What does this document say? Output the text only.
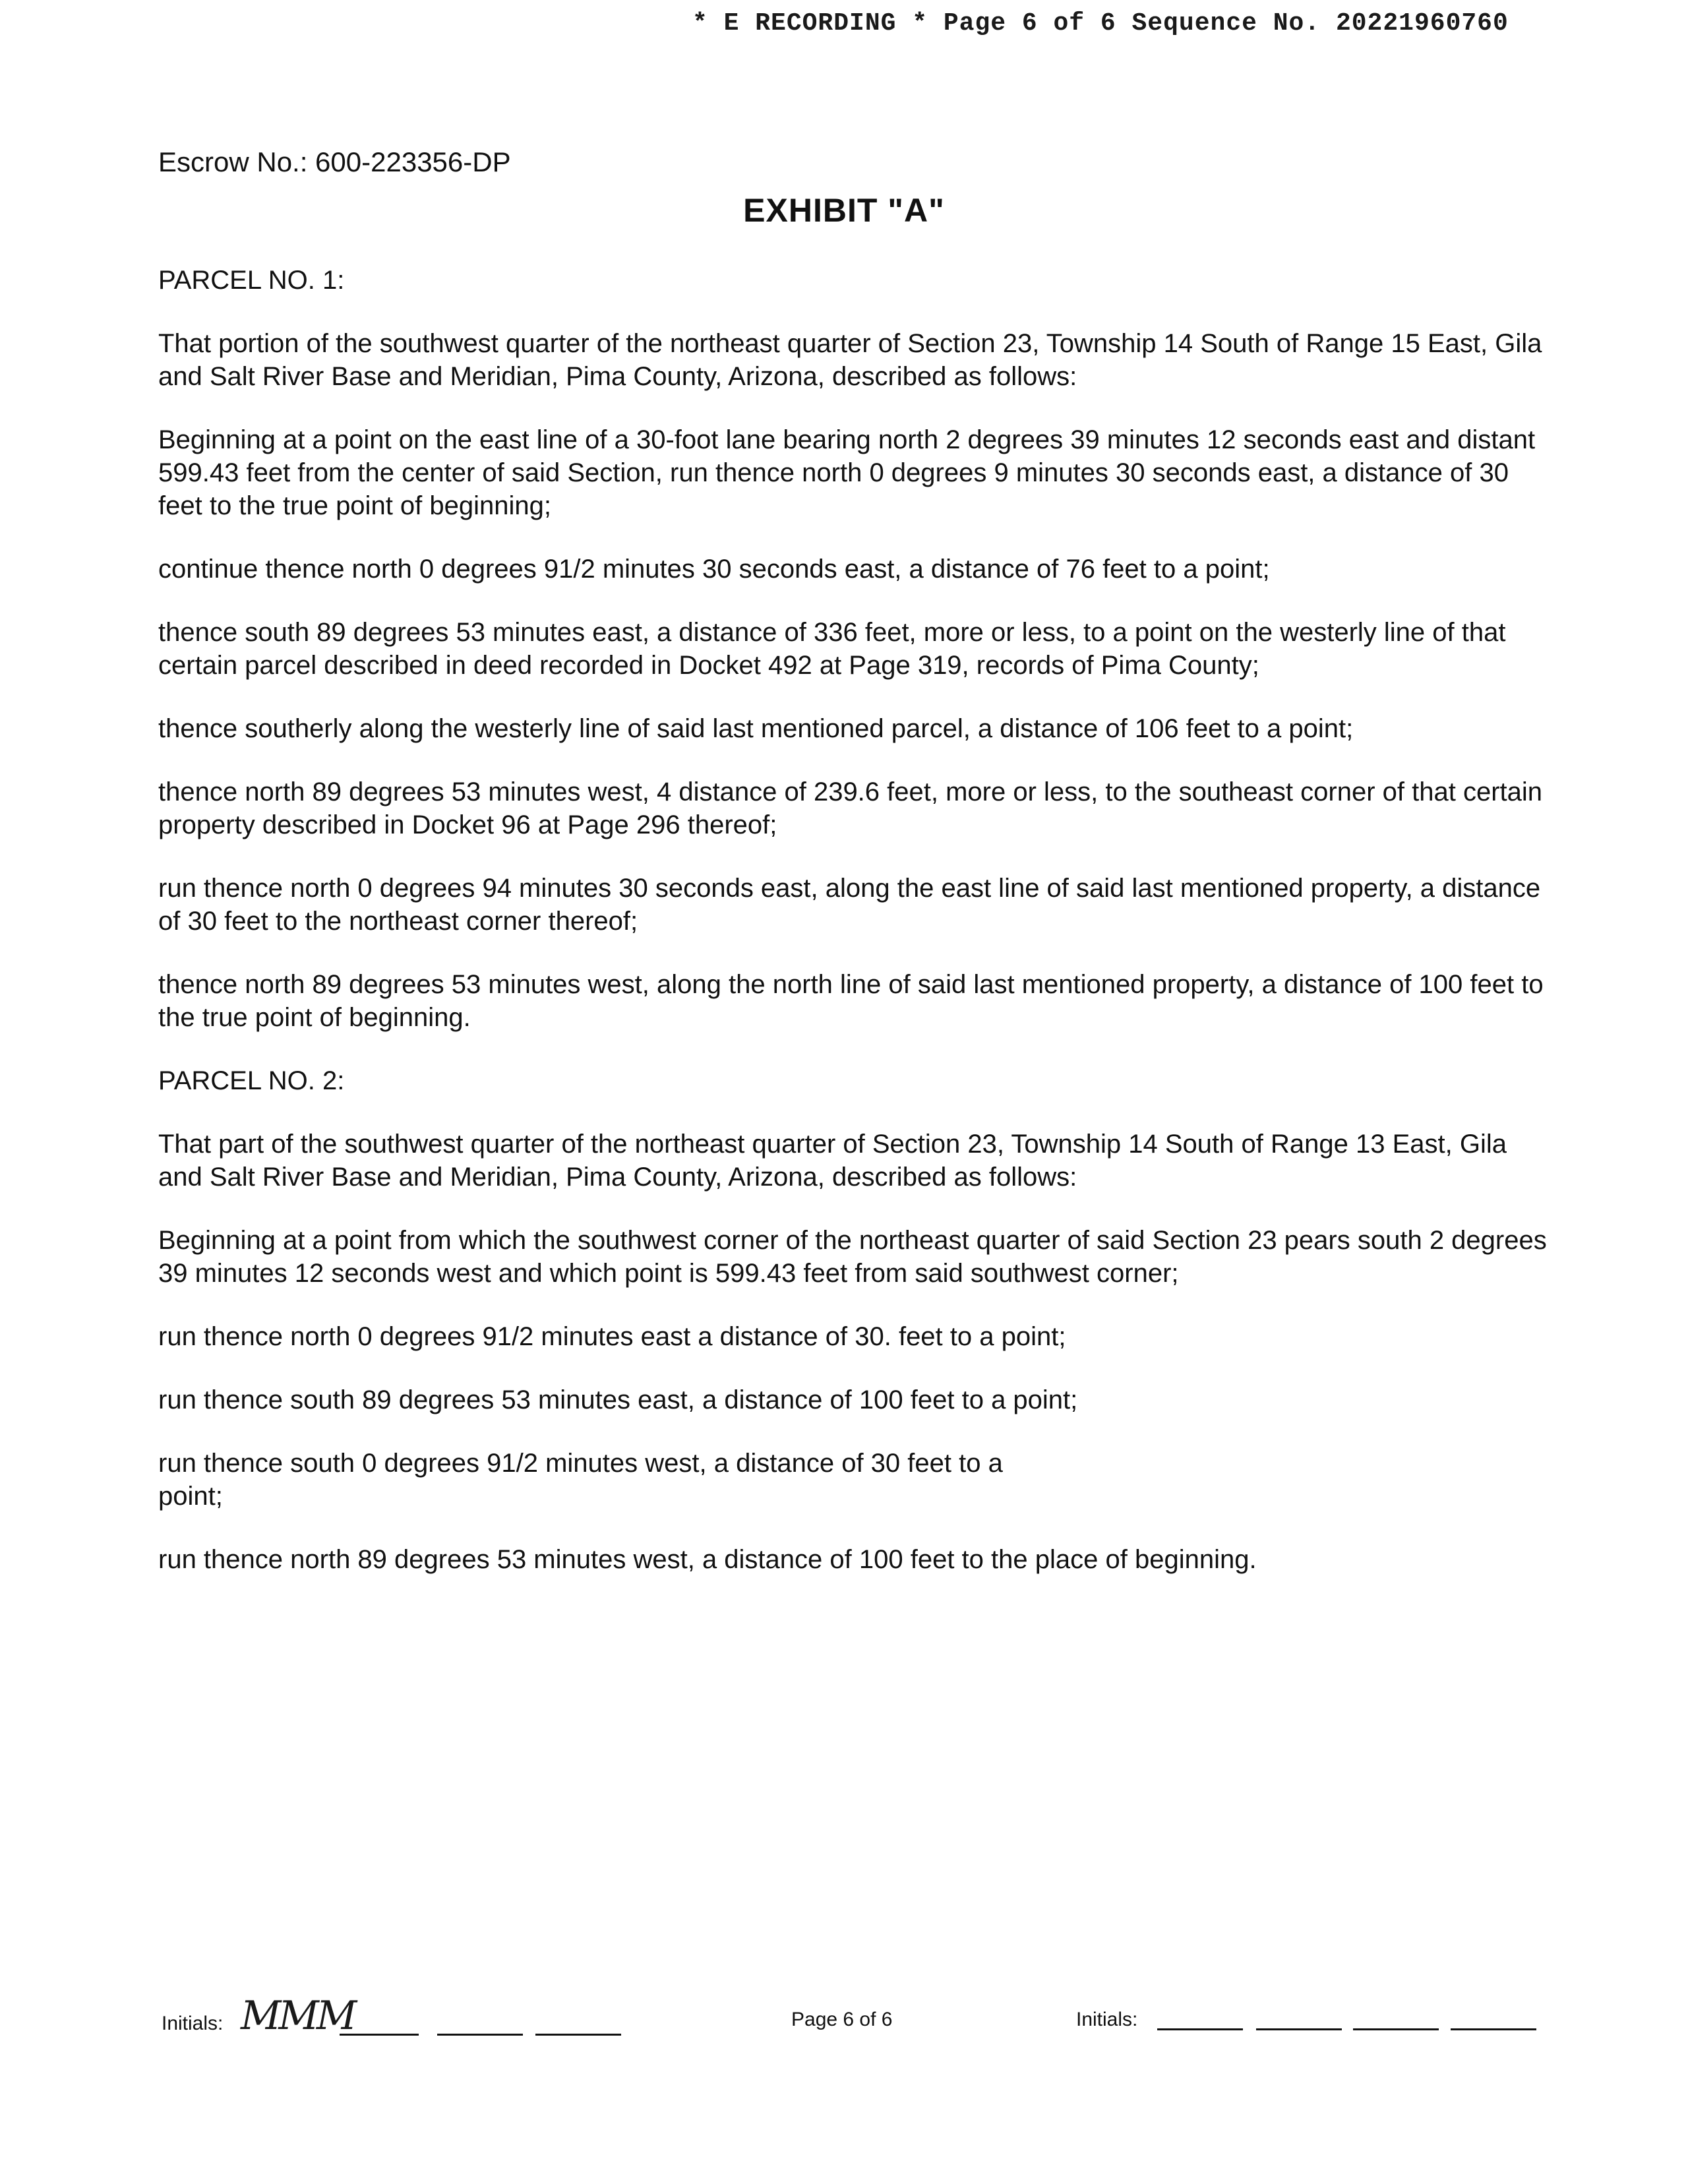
* E RECORDING * Page 6 of 6 Sequence No. 20221960760
Escrow No.: 600-223356-DP
EXHIBIT "A"

PARCEL NO. 1:

That portion of the southwest quarter of the northeast quarter of Section 23, Township 14 South of Range 15 East, Gila and Salt River Base and Meridian, Pima County, Arizona, described as follows:

Beginning at a point on the east line of a 30-foot lane bearing north 2 degrees 39 minutes 12 seconds east and distant 599.43 feet from the center of said Section, run thence north 0 degrees 9 minutes 30 seconds east, a distance of 30 feet to the true point of beginning;

continue thence north 0 degrees 91/2 minutes 30 seconds east, a distance of 76 feet to a point;

thence south 89 degrees 53 minutes east, a distance of 336 feet, more or less, to a point on the westerly line of that certain parcel described in deed recorded in Docket 492 at Page 319, records of Pima County;

thence southerly along the westerly line of said last mentioned parcel, a distance of 106 feet to a point;

thence north 89 degrees 53 minutes west, 4 distance of 239.6 feet, more or less, to the southeast corner of that certain property described in Docket 96 at Page 296 thereof;

run thence north 0 degrees 94 minutes 30 seconds east, along the east line of said last mentioned property, a distance of 30 feet to the northeast corner thereof;

thence north 89 degrees 53 minutes west, along the north line of said last mentioned property, a distance of 100 feet to the true point of beginning.

PARCEL NO. 2:

That part of the southwest quarter of the northeast quarter of Section 23, Township 14 South of Range 13 East, Gila and Salt River Base and Meridian, Pima County, Arizona, described as follows:

Beginning at a point from which the southwest corner of the northeast quarter of said Section 23 pears south 2 degrees 39 minutes 12 seconds west and which point is 599.43 feet from said southwest corner;

run thence north 0 degrees 91/2 minutes east a distance of 30. feet to a point;

run thence south 89 degrees 53 minutes east, a distance of 100 feet to a point;

run thence south 0 degrees 91/2 minutes west, a distance of 30 feet to a point;

run thence north 89 degrees 53 minutes west, a distance of 100 feet to the place of beginning.

Initials: MMM	Page 6 of 6	Initials:
